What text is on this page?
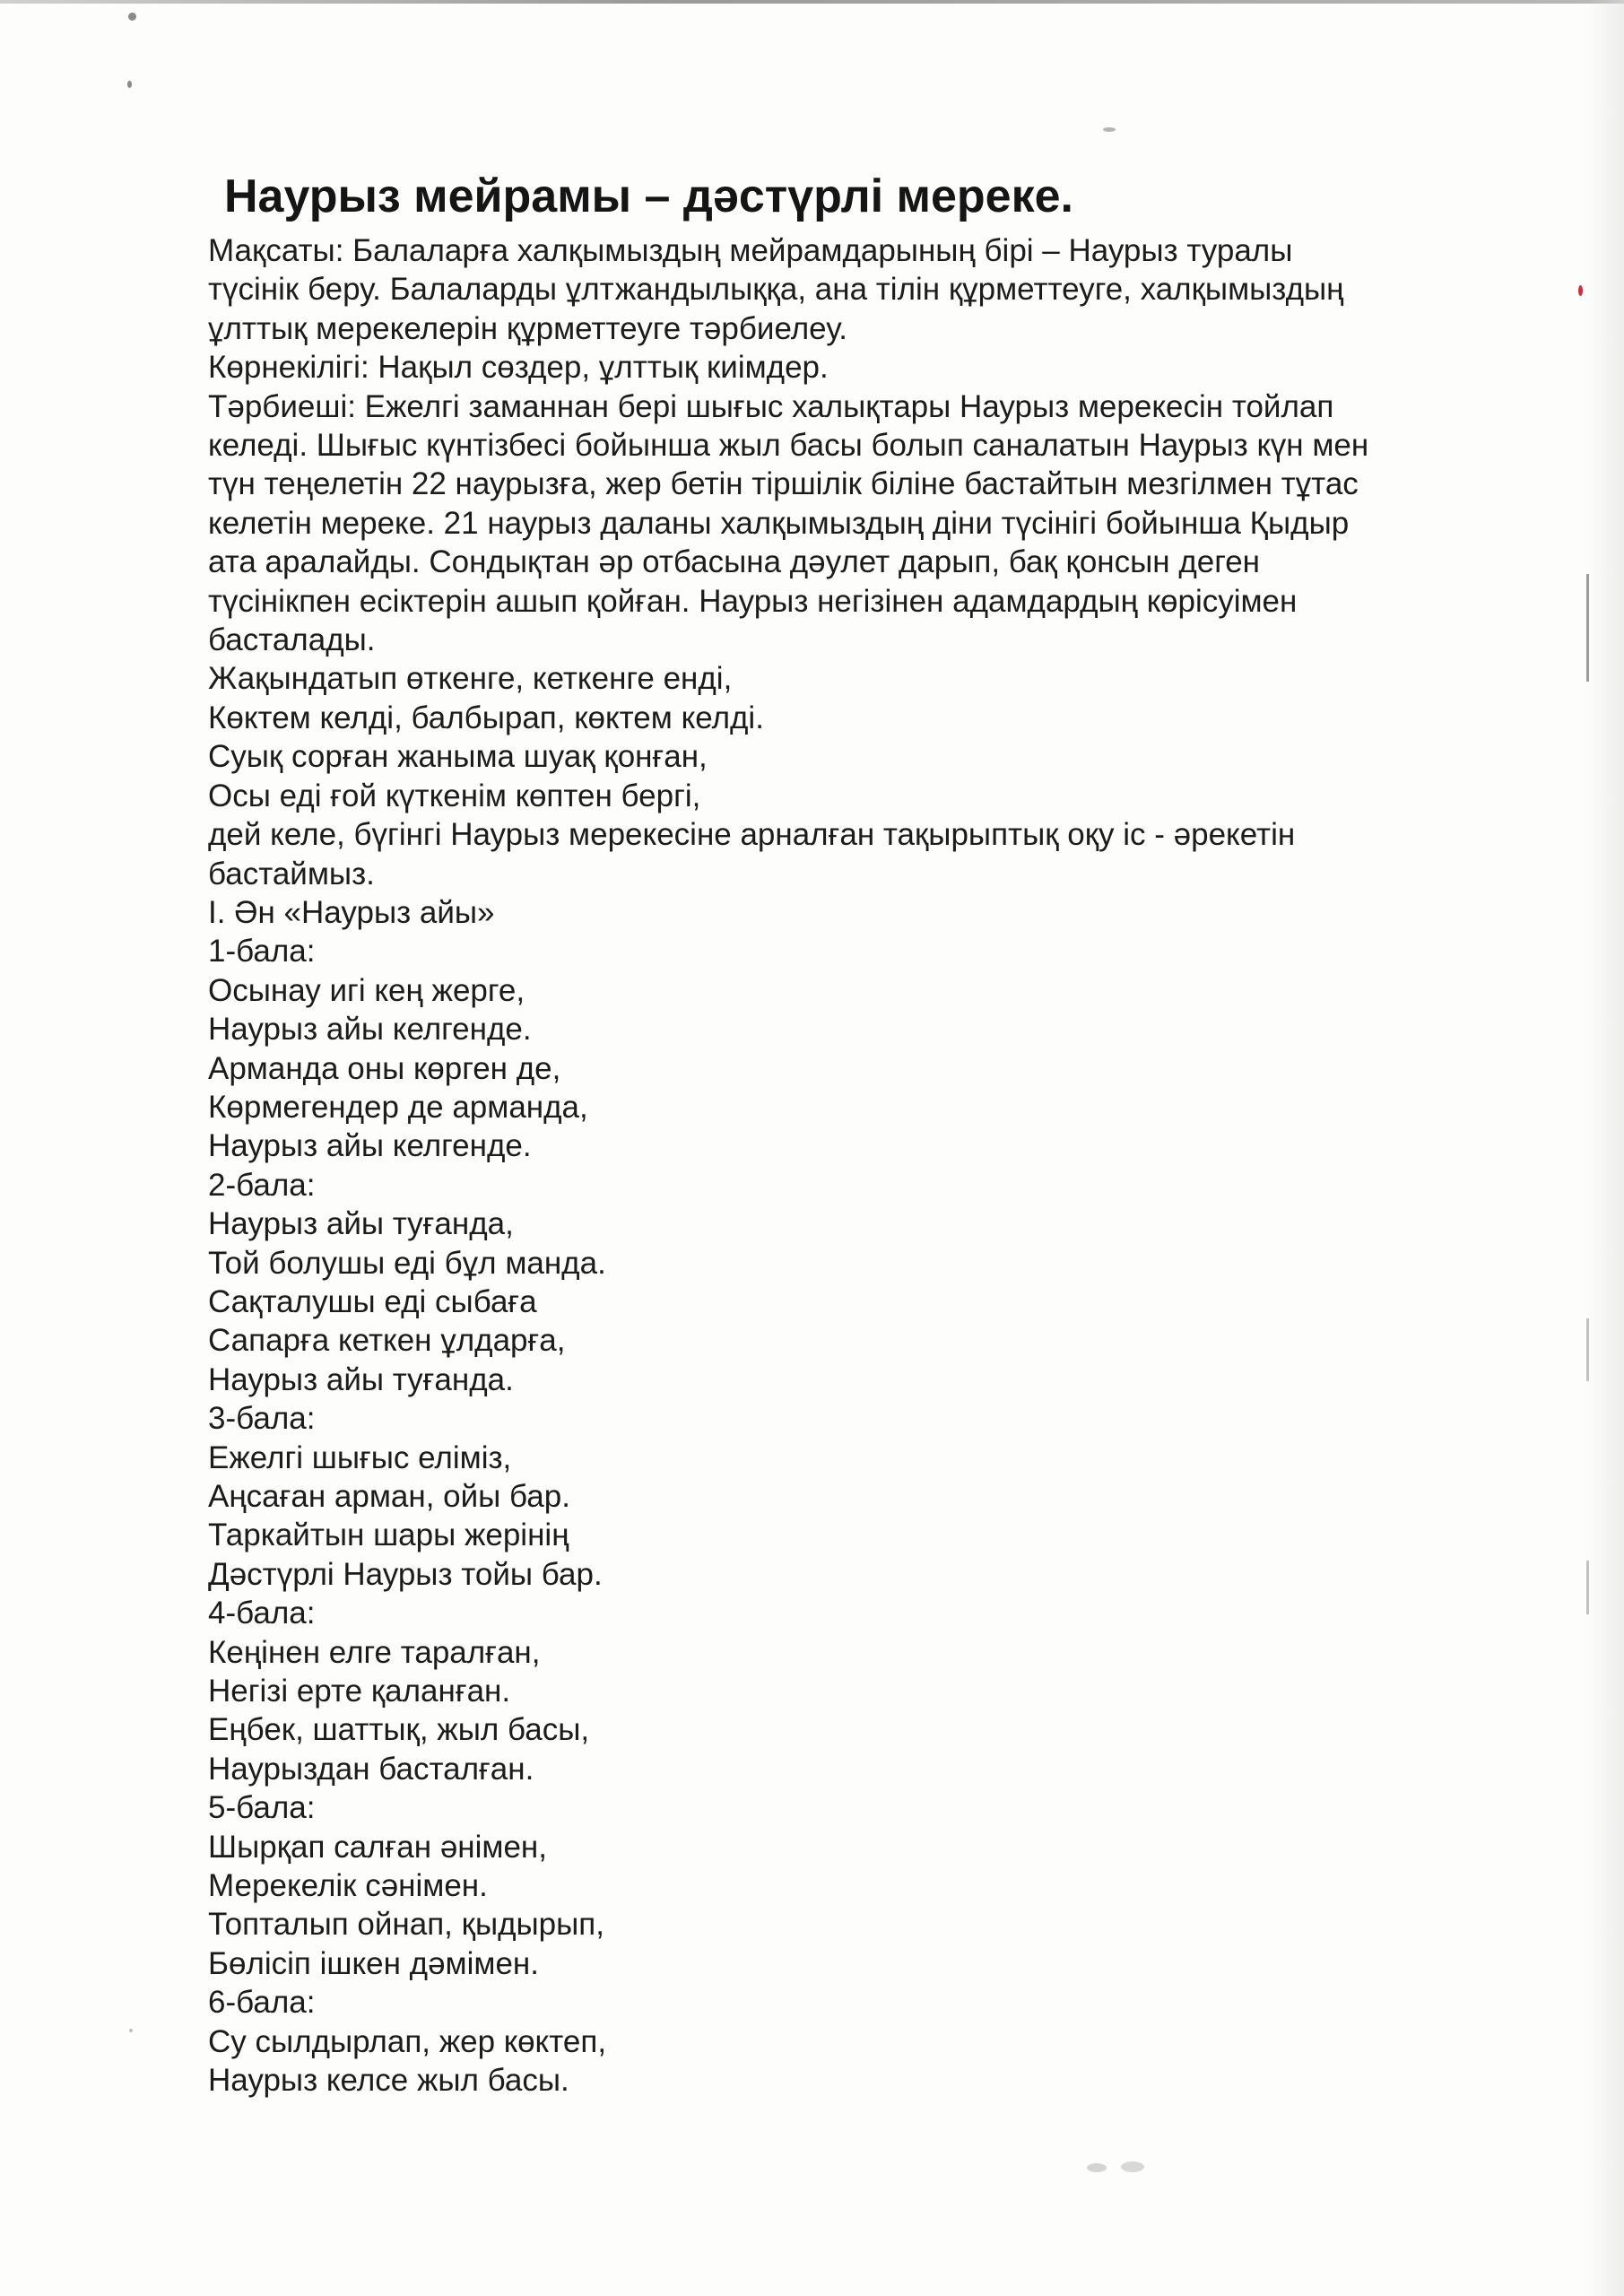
Наурыз мейрамы – дәстүрлі мереке.
Мақсаты: Балаларға халқымыздың мейрамдарының бірі – Наурыз туралы
түсінік беру. Балаларды ұлтжандылыққа, ана тілін құрметтеуге, халқымыздың
ұлттық мерекелерін құрметтеуге тәрбиелеу.
Көрнекілігі: Нақыл сөздер, ұлттық киімдер.
Тәрбиеші: Ежелгі заманнан бері шығыс халықтары Наурыз мерекесін тойлап
келеді. Шығыс күнтізбесі бойынша жыл басы болып саналатын Наурыз күн мен
түн теңелетін 22 наурызға, жер бетін тіршілік біліне бастайтын мезгілмен тұтас
келетін мереке. 21 наурыз даланы халқымыздың діни түсінігі бойынша Қыдыр
ата аралайды. Сондықтан әр отбасына дәулет дарып, бақ қонсын деген
түсінікпен есіктерін ашып қойған. Наурыз негізінен адамдардың көрісуімен
басталады.
Жақындатып өткенге, кеткенге енді,
Көктем келді, балбырап, көктем келді.
Суық сорған жаныма шуақ қонған,
Осы еді ғой күткенім көптен бергі,
дей келе, бүгінгі Наурыз мерекесіне арналған тақырыптық оқу іс - әрекетін
бастаймыз.
І. Ән «Наурыз айы»
1-бала:
Осынау игі кең жерге,
Наурыз айы келгенде.
Арманда оны көрген де,
Көрмегендер де арманда,
Наурыз айы келгенде.
2-бала:
Наурыз айы туғанда,
Той болушы еді бұл манда.
Сақталушы еді сыбаға
Сапарға кеткен ұлдарға,
Наурыз айы туғанда.
3-бала:
Ежелгі шығыс еліміз,
Аңсаған арман, ойы бар.
Таркайтын шары жерінің
Дәстүрлі Наурыз тойы бар.
4-бала:
Кеңінен елге таралған,
Негізі ерте қаланған.
Еңбек, шаттық, жыл басы,
Наурыздан басталған.
5-бала:
Шырқап салған әнімен,
Мерекелік сәнімен.
Топталып ойнап, қыдырып,
Бөлісіп ішкен дәмімен.
6-бала:
Су сылдырлап, жер көктеп,
Наурыз келсе жыл басы.
